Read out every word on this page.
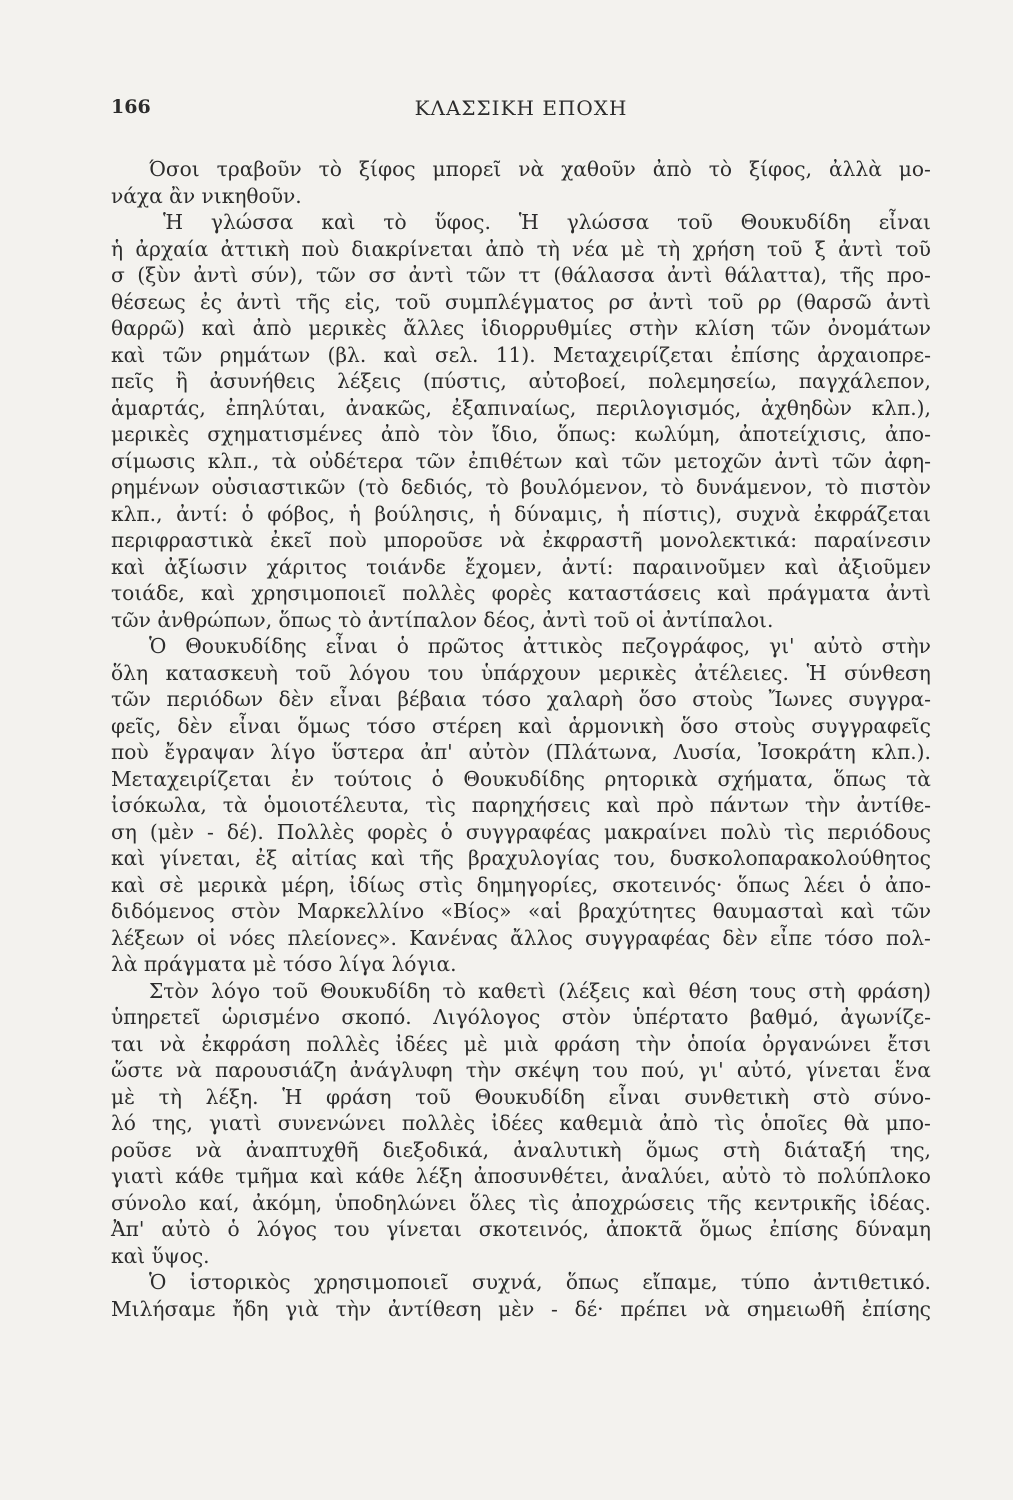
166	ΚΛΑΣΣΙΚΗ ΕΠΟΧΗ
Όσοι τραβοῦν τὸ ξίφος μπορεῖ νὰ χαθοῦν ἀπὸ τὸ ξίφος, ἀλλὰ μο-
νάχα ἂν νικηθοῦν.
Ἡ γλώσσα καὶ τὸ ὕφος. Ἡ γλώσσα τοῦ Θουκυδίδη εἶναι
ἡ ἀρχαία ἀττικὴ ποὺ διακρίνεται ἀπὸ τὴ νέα μὲ τὴ χρήση τοῦ ξ ἀντὶ τοῦ
σ (ξὺν ἀντὶ σύν), τῶν σσ ἀντὶ τῶν ττ (θάλασσα ἀντὶ θάλαττα), τῆς προ-
θέσεως ἐς ἀντὶ τῆς εἰς, τοῦ συμπλέγματος ρσ ἀντὶ τοῦ ρρ (θαρσῶ ἀντὶ
θαρρῶ) καὶ ἀπὸ μερικὲς ἄλλες ἰδιορρυθμίες στὴν κλίση τῶν ὀνομάτων
καὶ τῶν ρημάτων (βλ. καὶ σελ. 11). Μεταχειρίζεται ἐπίσης ἀρχαιοπρε-
πεῖς ἢ ἀσυνήθεις λέξεις (πύστις, αὐτοβοεί, πολεμησείω, παγχάλεπον,
ἁμαρτάς, ἐπηλύται, ἀνακῶς, ἐξαπιναίως, περιλογισμός, ἀχθηδὼν κλπ.),
μερικὲς σχηματισμένες ἀπὸ τὸν ἴδιο, ὅπως: κωλύμη, ἀποτείχισις, ἀπο-
σίμωσις κλπ., τὰ οὐδέτερα τῶν ἐπιθέτων καὶ τῶν μετοχῶν ἀντὶ τῶν ἀφη-
ρημένων οὐσιαστικῶν (τὸ δεδιός, τὸ βουλόμενον, τὸ δυνάμενον, τὸ πιστὸν
κλπ., ἀντί: ὁ φόβος, ἡ βούλησις, ἡ δύναμις, ἡ πίστις), συχνὰ ἐκφράζεται
περιφραστικὰ ἐκεῖ ποὺ μποροῦσε νὰ ἐκφραστῆ μονολεκτικά: παραίνεσιν
καὶ ἀξίωσιν χάριτος τοιάνδε ἔχομεν, ἀντί: παραινοῦμεν καὶ ἀξιοῦμεν
τοιάδε, καὶ χρησιμοποιεῖ πολλὲς φορὲς καταστάσεις καὶ πράγματα ἀντὶ
τῶν ἀνθρώπων, ὅπως τὸ ἀντίπαλον δέος, ἀντὶ τοῦ οἱ ἀντίπαλοι.
Ὁ Θουκυδίδης εἶναι ὁ πρῶτος ἀττικὸς πεζογράφος, γι' αὐτὸ στὴν
ὅλη κατασκευὴ τοῦ λόγου του ὑπάρχουν μερικὲς ἀτέλειες. Ἡ σύνθεση
τῶν περιόδων δὲν εἶναι βέβαια τόσο χαλαρὴ ὅσο στοὺς Ἴωνες συγγρα-
φεῖς, δὲν εἶναι ὅμως τόσο στέρεη καὶ ἁρμονικὴ ὅσο στοὺς συγγραφεῖς
ποὺ ἔγραψαν λίγο ὕστερα ἀπ' αὐτὸν (Πλάτωνα, Λυσία, Ἰσοκράτη κλπ.).
Μεταχειρίζεται ἐν τούτοις ὁ Θουκυδίδης ρητορικὰ σχήματα, ὅπως τὰ
ἰσόκωλα, τὰ ὁμοιοτέλευτα, τὶς παρηχήσεις καὶ πρὸ πάντων τὴν ἀντίθε-
ση (μὲν - δέ). Πολλὲς φορὲς ὁ συγγραφέας μακραίνει πολὺ τὶς περιόδους
καὶ γίνεται, ἐξ αἰτίας καὶ τῆς βραχυλογίας του, δυσκολοπαρακολούθητος
καὶ σὲ μερικὰ μέρη, ἰδίως στὶς δημηγορίες, σκοτεινός· ὅπως λέει ὁ ἀπο-
διδόμενος στὸν Μαρκελλίνο «Βίος» «αἱ βραχύτητες θαυμασταὶ καὶ τῶν
λέξεων οἱ νόες πλείονες». Κανένας ἄλλος συγγραφέας δὲν εἶπε τόσο πολ-
λὰ πράγματα μὲ τόσο λίγα λόγια.
Στὸν λόγο τοῦ Θουκυδίδη τὸ καθετὶ (λέξεις καὶ θέση τους στὴ φράση)
ὑπηρετεῖ ὡρισμένο σκοπό. Λιγόλογος στὸν ὑπέρτατο βαθμό, ἀγωνίζε-
ται νὰ ἐκφράση πολλὲς ἰδέες μὲ μιὰ φράση τὴν ὁποία ὀργανώνει ἔτσι
ὥστε νὰ παρουσιάζη ἀνάγλυφη τὴν σκέψη του πού, γι' αὐτό, γίνεται ἕνα
μὲ τὴ λέξη. Ἡ φράση τοῦ Θουκυδίδη εἶναι συνθετικὴ στὸ σύνο-
λό της, γιατὶ συνενώνει πολλὲς ἰδέες καθεμιὰ ἀπὸ τὶς ὁποῖες θὰ μπο-
ροῦσε νὰ ἀναπτυχθῆ διεξοδικά, ἀναλυτικὴ ὅμως στὴ διάταξή της,
γιατὶ κάθε τμῆμα καὶ κάθε λέξη ἀποσυνθέτει, ἀναλύει, αὐτὸ τὸ πολύπλοκο
σύνολο καί, ἀκόμη, ὑποδηλώνει ὅλες τὶς ἀποχρώσεις τῆς κεντρικῆς ἰδέας.
Ἀπ' αὐτὸ ὁ λόγος του γίνεται σκοτεινός, ἀποκτᾶ ὅμως ἐπίσης δύναμη
καὶ ὕψος.
Ὁ ἱστορικὸς χρησιμοποιεῖ συχνά, ὅπως εἴπαμε, τύπο ἀντιθετικό.
Μιλήσαμε ἤδη γιὰ τὴν ἀντίθεση μὲν - δέ· πρέπει νὰ σημειωθῆ ἐπίσης
